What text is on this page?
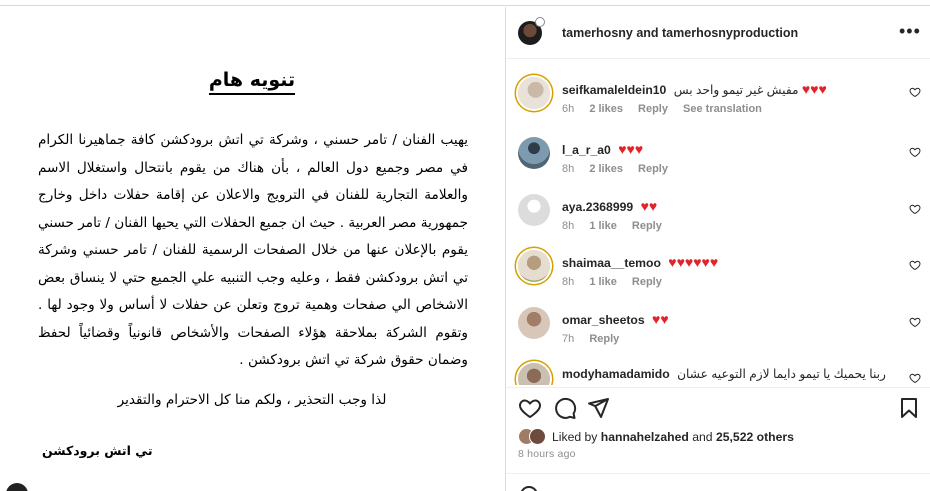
تنويه هام
يهيب الفنان / تامر حسني ، وشركة تي اتش برودكشن كافة جماهيرنا الكرام في مصر وجميع دول العالم ، بأن هناك من يقوم بانتحال واستغلال الاسم والعلامة التجارية للفنان في الترويج والاعلان عن إقامة حفلات داخل وخارج جمهورية مصر العربية . حيث ان جميع الحفلات التي يحيها الفنان / تامر حسني يقوم بالإعلان عنها من خلال الصفحات الرسمية للفنان / تامر حسني وشركة تي اتش برودكشن فقط ، وعليه وجب التنبيه علي الجميع حتي لا ينساق بعض الاشخاص الي صفحات وهمية تروج وتعلن عن حفلات لا أساس ولا وجود لها . وتقوم الشركة بملاحقة هؤلاء الصفحات والأشخاص قانونياً وقضائياً لحفظ وضمان حقوق شركة تي اتش برودكشن .
لذا وجب التحذير ، ولكم منا كل الاحترام والتقدير
تي اتش برودكشن
tamerhosny and tamerhosnyproduction	•••
seifkamaleldein10 مفيش غير تيمو واحد بس ♥♥♥
6h 2 likes Reply See translation
l_a_r_a0 ♥♥♥
8h 2 likes Reply
aya.2368999 ♥♥
8h 1 like Reply
shaimaa__temoo ♥♥♥♥♥♥
8h 1 like Reply
omar_sheetos ♥♥
7h Reply
modyhamadamido ربنا يحميك يا تيمو دايما لازم التوعيه عشان
Liked by hannahelzahed and 25,522 others
8 hours ago
